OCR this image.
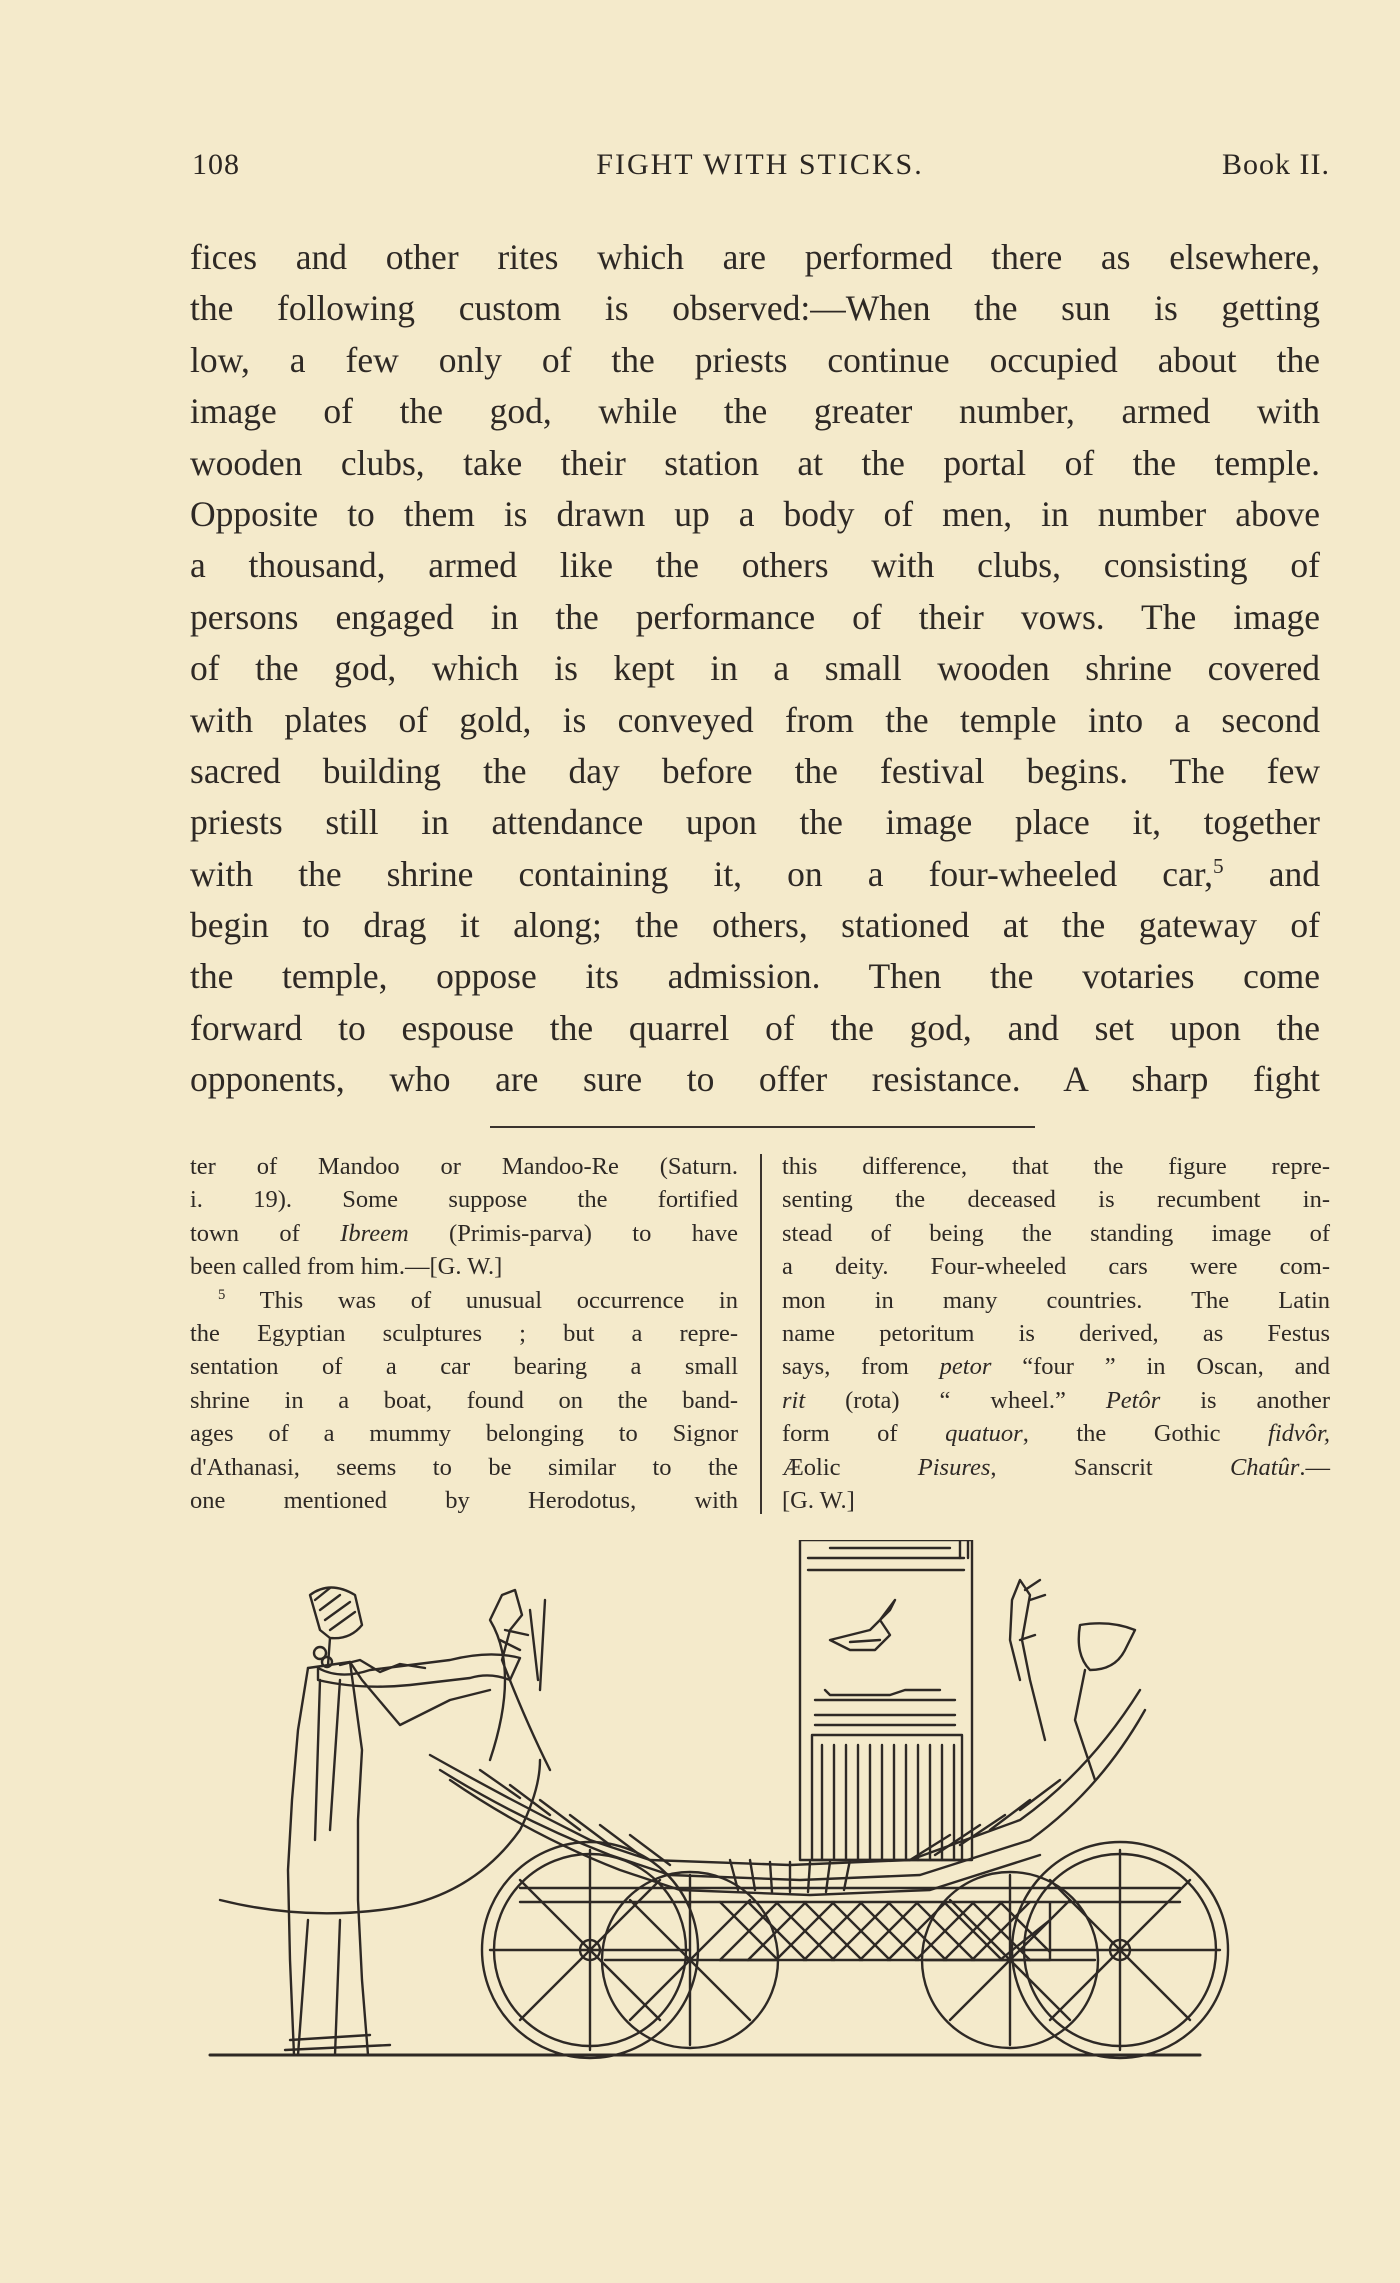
108	FIGHT WITH STICKS.	Book II.
fices and other rites which are performed there as elsewhere,
the following custom is observed:—When the sun is getting
low, a few only of the priests continue occupied about the
image of the god, while the greater number, armed with
wooden clubs, take their station at the portal of the temple.
Opposite to them is drawn up a body of men, in number above
a thousand, armed like the others with clubs, consisting of
persons engaged in the performance of their vows. The image
of the god, which is kept in a small wooden shrine covered
with plates of gold, is conveyed from the temple into a second
sacred building the day before the festival begins. The few
priests still in attendance upon the image place it, together
with the shrine containing it, on a four-wheeled car,$^5$ and
begin to drag it along; the others, stationed at the gateway of
the temple, oppose its admission. Then the votaries come
forward to espouse the quarrel of the god, and set upon the
opponents, who are sure to offer resistance. A sharp fight
ter of Mandoo or Mandoo-Re (Saturn.
i. 19). Some suppose the fortified
town of Ibreem (Primis-parva) to have
been called from him.—[G. W.]
$^5$ This was of unusual occurrence in
the Egyptian sculptures ; but a repre-
sentation of a car bearing a small
shrine in a boat, found on the band-
ages of a mummy belonging to Signor
d'Athanasi, seems to be similar to the
one mentioned by Herodotus, with
this difference, that the figure repre-
senting the deceased is recumbent in-
stead of being the standing image of
a deity. Four-wheeled cars were com-
mon in many countries. The Latin
name petoritum is derived, as Festus
says, from petor “four ” in Oscan, and
rit (rota) “ wheel.” Petôr is another
form of quatuor, the Gothic fidvôr,
Æolic Pisures, Sanscrit Chatûr.—
[G. W.]
